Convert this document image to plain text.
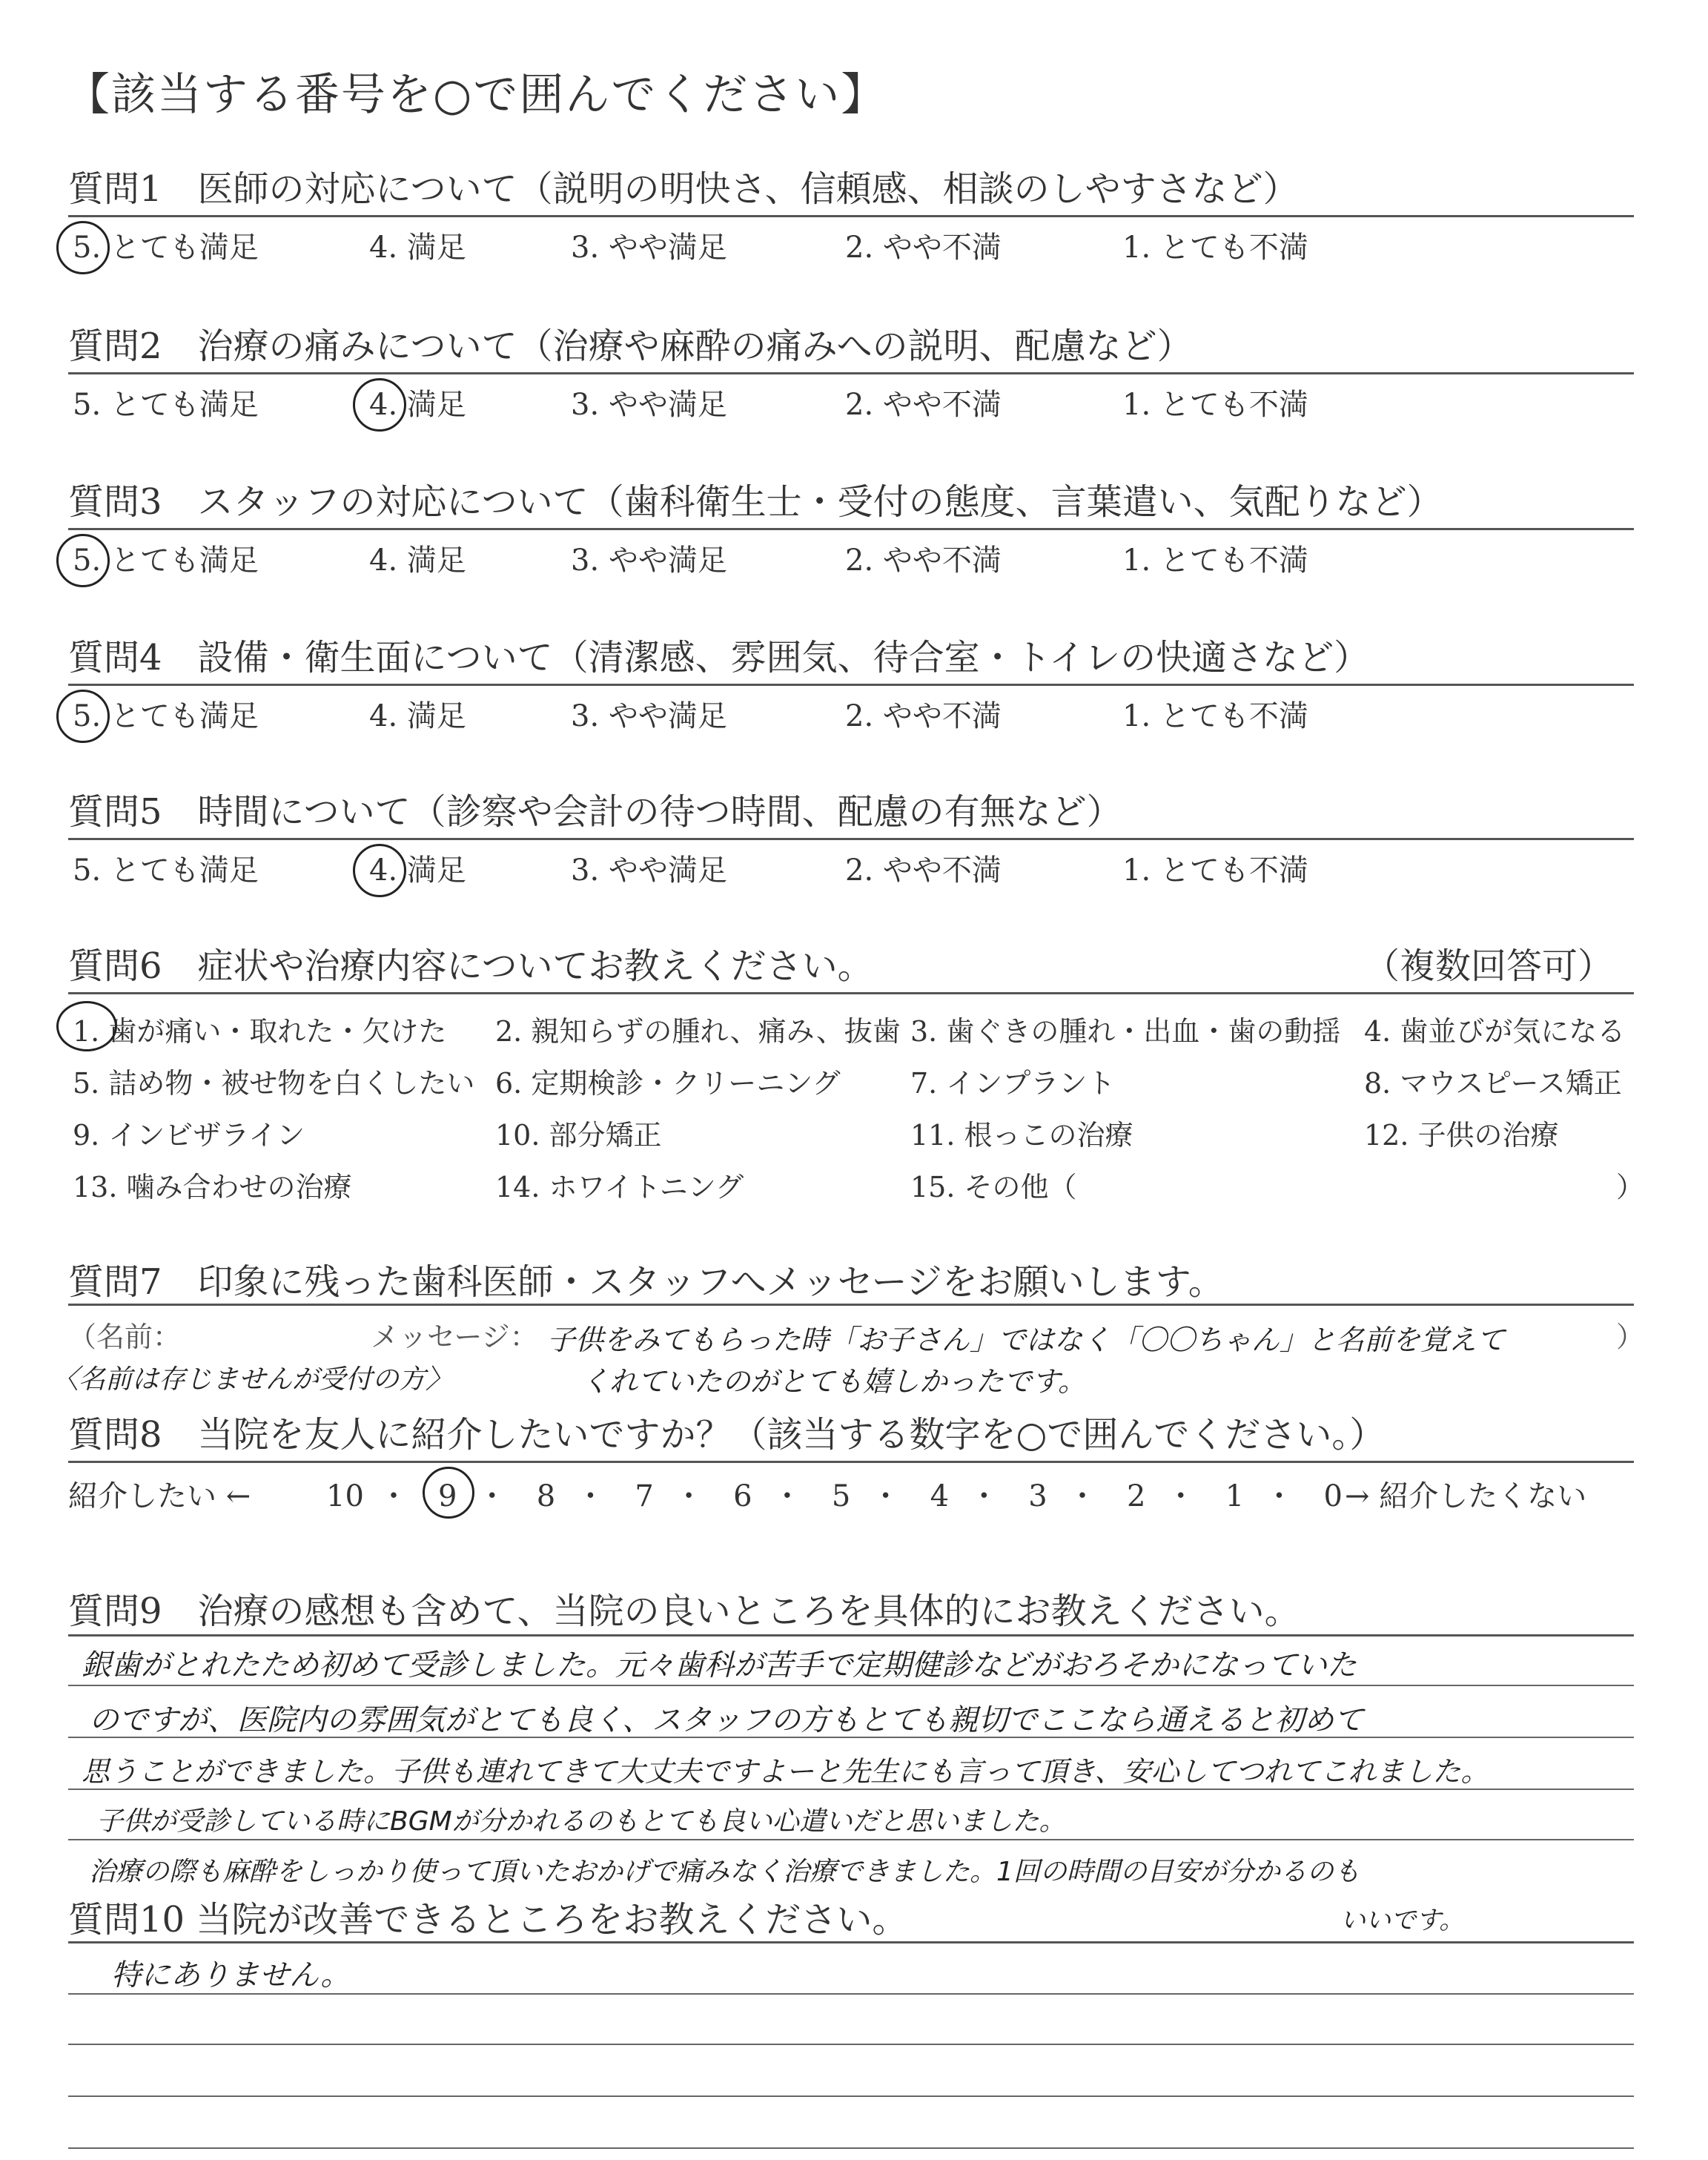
【該当する番号を○で囲んでください】
質問1　医師の対応について（説明の明快さ、信頼感、相談のしやすさなど）
5. とても満足	4. 満足	3. やや満足	2. やや不満	1. とても不満
質問2　治療の痛みについて（治療や麻酔の痛みへの説明、配慮など）
5. とても満足	4. 満足	3. やや満足	2. やや不満	1. とても不満
質問3　スタッフの対応について（歯科衛生士・受付の態度、言葉遣い、気配りなど）
5. とても満足	4. 満足	3. やや満足	2. やや不満	1. とても不満
質問4　設備・衛生面について（清潔感、雰囲気、待合室・トイレの快適さなど）
5. とても満足	4. 満足	3. やや満足	2. やや不満	1. とても不満
質問5　時間について（診察や会計の待つ時間、配慮の有無など）
5. とても満足	4. 満足	3. やや満足	2. やや不満	1. とても不満
質問6　症状や治療内容についてお教えください。	（複数回答可）
1. 歯が痛い・取れた・欠けた 2. 親知らずの腫れ、痛み、抜歯 3. 歯ぐきの腫れ・出血・歯の動揺 4. 歯並びが気になる
5. 詰め物・被せ物を白くしたい 6. 定期検診・クリーニング 7. インプラント	8. マウスピース矯正
9. インビザライン	10. 部分矯正	11. 根っこの治療	12. 子供の治療
13. 噛み合わせの治療	14. ホワイトニング	15. その他（	）
質問7　印象に残った歯科医師・スタッフへメッセージをお願いします。
（名前：	メッセージ：	）
子供をみてもらった時「お子さん」ではなく「〇〇ちゃん」と名前を覚えて
〈名前は存じませんが受付の方〉	くれていたのがとても嬉しかったです。
質問8　当院を友人に紹介したいですか？（該当する数字を○で囲んでください。）
紹介したい ←	→ 紹介したくない
10 ・ 9 ・ 8 ・ 7 ・ 6 ・ 5 ・ 4 ・ 3 ・ 2 ・ 1 ・ 0
質問9　治療の感想も含めて、当院の良いところを具体的にお教えください。
銀歯がとれたため初めて受診しました。元々歯科が苦手で定期健診などがおろそかになっていた
のですが、医院内の雰囲気がとても良く、スタッフの方もとても親切でここなら通えると初めて
思うことができました。子供も連れてきて大丈夫ですよーと先生にも言って頂き、安心してつれてこれました。
子供が受診している時にBGMが分かれるのもとても良い心遣いだと思いました。
治療の際も麻酔をしっかり使って頂いたおかげで痛みなく治療できました。1回の時間の目安が分かるのも
いいです。
質問10 当院が改善できるところをお教えください。
特にありません。
